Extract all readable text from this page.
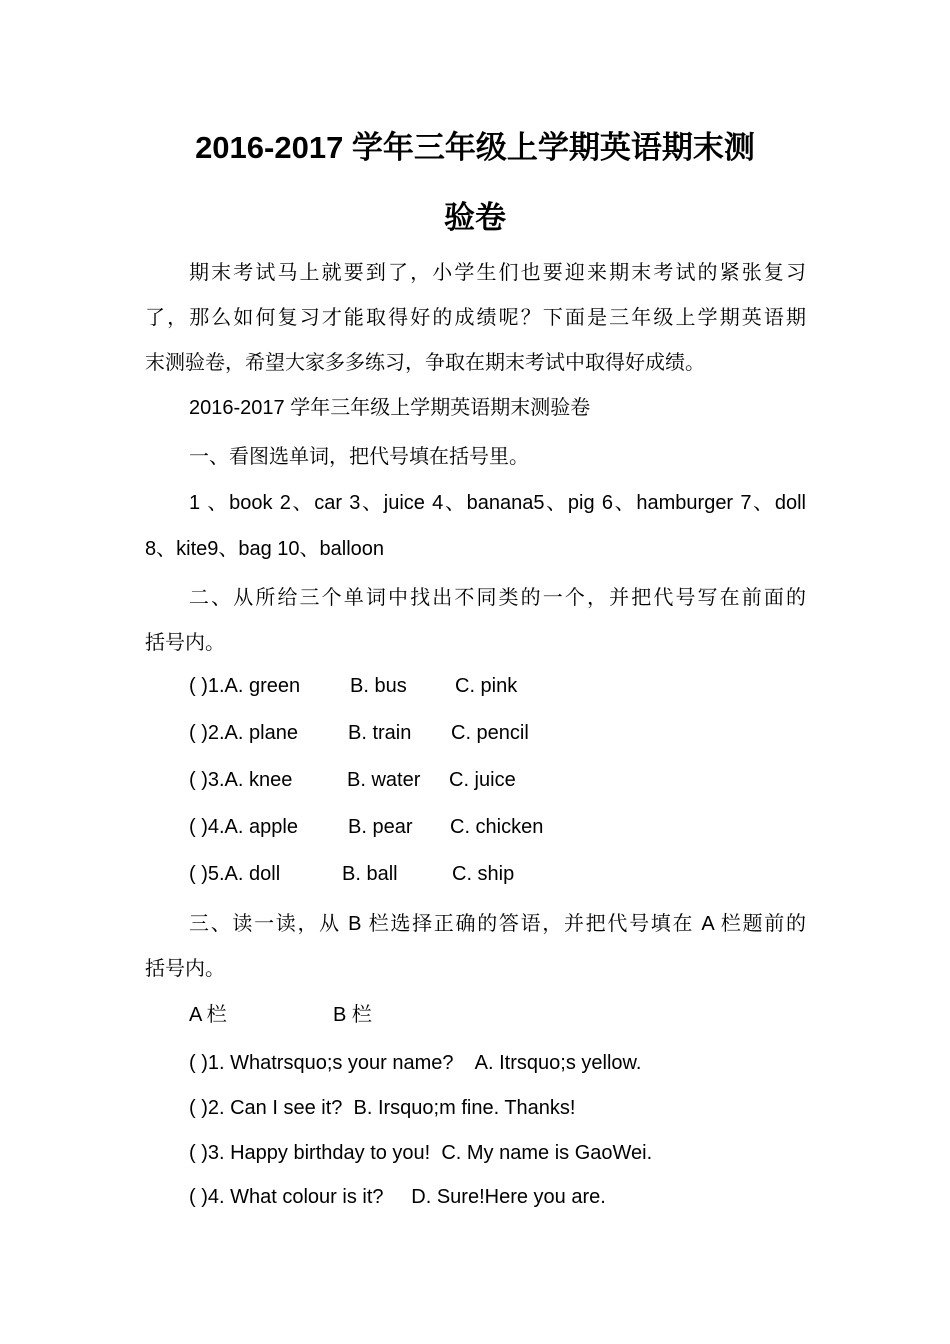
2016-2017 学年三年级上学期英语期末测
验卷
期末考试马上就要到了，小学生们也要迎来期末考试的紧张复习
了，那么如何复习才能取得好的成绩呢？下面是三年级上学期英语期
末测验卷，希望大家多多练习，争取在期末考试中取得好成绩。
2016-2017 学年三年级上学期英语期末测验卷
一、看图选单词，把代号填在括号里。
1 、book 2、car 3、juice 4、banana5、pig 6、hamburger 7、doll
8、kite9、bag 10、balloon
二、从所给三个单词中找出不同类的一个，并把代号写在前面的
括号内。
( )1.A. green B. bus C. pink
( )2.A. plane	B. train C. pencil
( )3.A. knee	B. water C. juice
( )4.A. apple	B. pear C. chicken
( )5.A. doll	B. ball	C. ship
三、读一读，从 B 栏选择正确的答语，并把代号填在 A 栏题前的
括号内。
A 栏	B 栏
( )1. Whatrsquo;s your name?    A. Itrsquo;s yellow.
( )2. Can I see it?  B. Irsquo;m fine. Thanks!
( )3. Happy birthday to you!  C. My name is GaoWei.
( )4. What colour is it?     D. Sure!Here you are.
